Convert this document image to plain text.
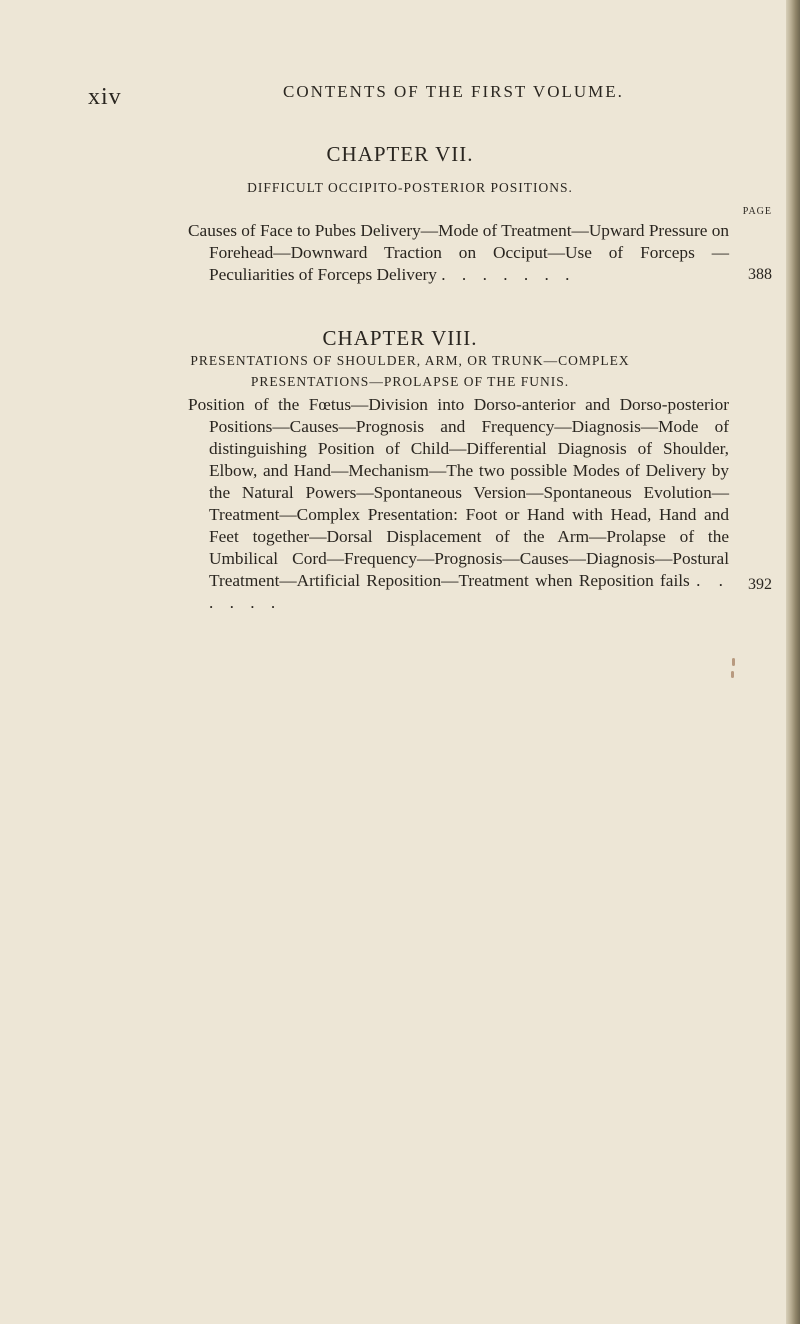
xiv	CONTENTS OF THE FIRST VOLUME.
CHAPTER VII.
DIFFICULT OCCIPITO-POSTERIOR POSITIONS.
PAGE
Causes of Face to Pubes Delivery—Mode of Treatment—Upward Pressure on Forehead—Downward Traction on Occiput—Use of Forceps —Peculiarities of Forceps Delivery . . . . . . .	388
CHAPTER VIII.
PRESENTATIONS OF SHOULDER, ARM, OR TRUNK—COMPLEX PRESENTATIONS—PROLAPSE OF THE FUNIS.
Position of the Fœtus—Division into Dorso-anterior and Dorso-posterior Positions—Causes—Prognosis and Frequency—Diagnosis—Mode of distinguishing Position of Child—Differential Diagnosis of Shoulder, Elbow, and Hand—Mechanism—The two possible Modes of Delivery by the Natural Powers—Spontaneous Version—Spontaneous Evolution—Treatment—Complex Presentation: Foot or Hand with Head, Hand and Feet together—Dorsal Displacement of the Arm—Prolapse of the Umbilical Cord—Frequency—Prognosis—Causes—Diagnosis—Postural Treatment—Artificial Reposition—Treatment when Reposition fails . . . . . .
392
